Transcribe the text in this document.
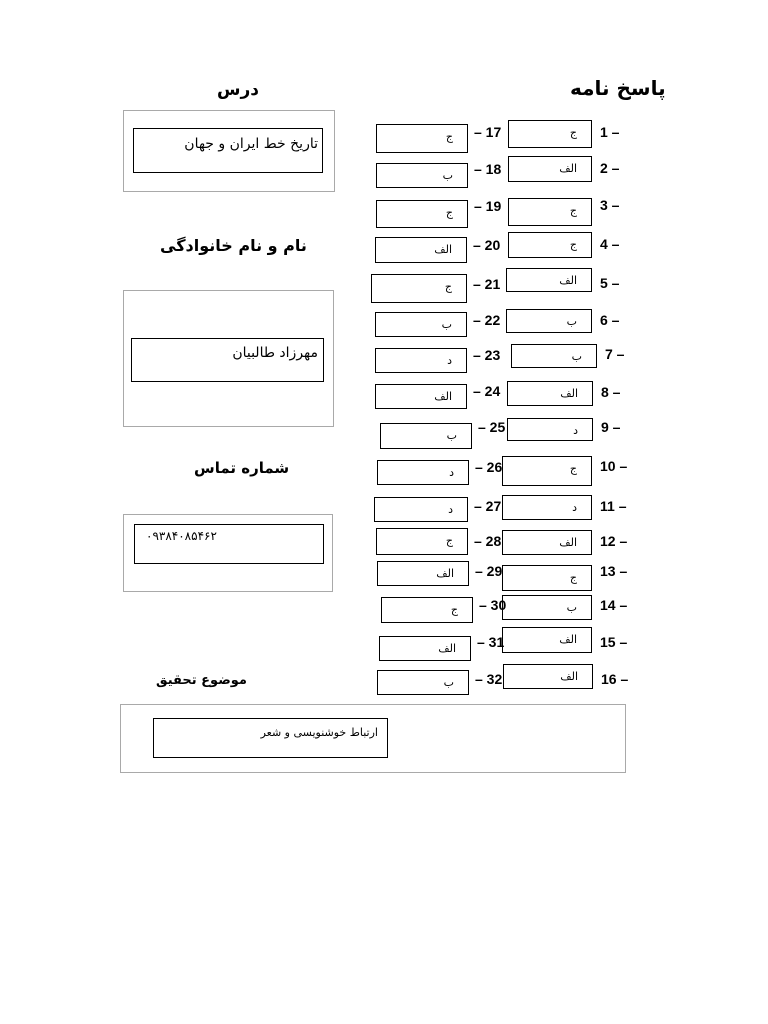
پاسخ نامه
درس
نام و نام خانوادگی
شماره تماس
موضوع تحقیق
تاریخ خط ایران و جهان
مهرزاد طالبیان
۰۹۳۸۴۰۸۵۴۶۲
ارتباط خوشنویسی و شعر
ج 1 –
الف 2 –
ج 3 –
ج 4 –
الف 5 –
ب 6 –
ب 7 –
الف 8 –
د 9 –
ج 10 –
د 11 –
الف 12 –
ج 13 –
ب 14 –
الف 15 –
الف 16 –
ج – 17
ب – 18
ج – 19
الف – 20
ج – 21
ب – 22
د – 23
الف – 24
ب
– 25
د – 26
د – 27
ج – 28
الف – 29
ج – 30
الف – 31
ب – 32
